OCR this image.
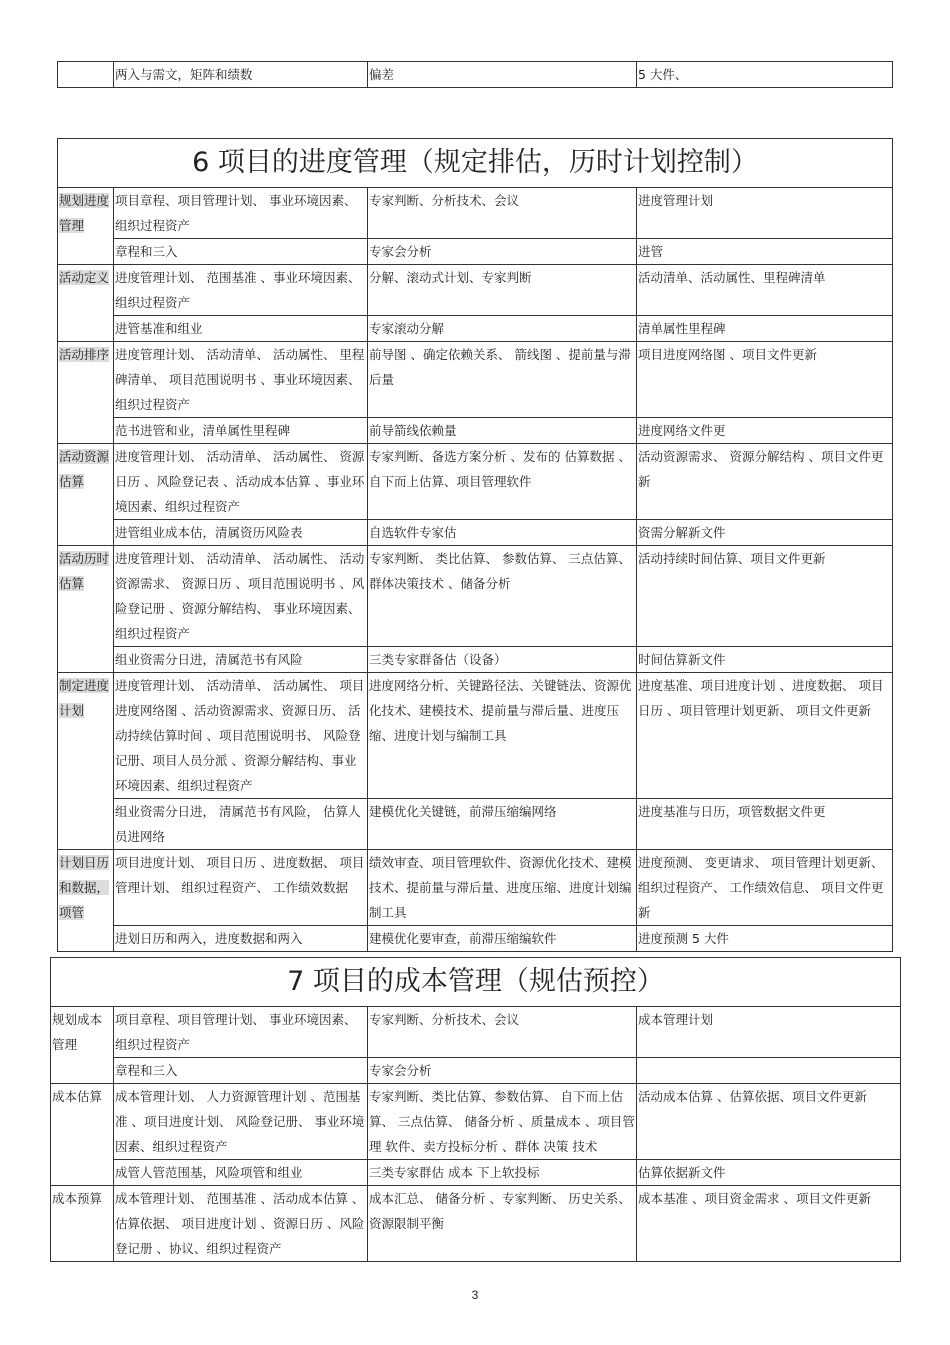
	两入与需文，矩阵和绩数	偏差	5 大件、
6 项目的进度管理（规定排估，历时计划控制）			
规划进度管理	项目章程、项目管理计划、 事业环境因素、组织过程资产	专家判断、分析技术、会议	进度管理计划
	章程和三入	专家会分析	进管
活动定义	进度管理计划、 范围基准 、事业环境因素、组织过程资产	分解、滚动式计划、专家判断	活动清单、活动属性、里程碑清单
	进管基准和组业	专家滚动分解	清单属性里程碑
活动排序	进度管理计划、 活动清单、 活动属性、 里程碑清单、 项目范围说明书 、事业环境因素、组织过程资产	前导图 、确定依赖关系、 箭线图 、提前量与滞后量	项目进度网络图 、项目文件更新
	范书进管和业，清单属性里程碑	前导箭线依赖量	进度网络文件更
活动资源估算	进度管理计划、 活动清单、 活动属性、 资源日历 、风险登记表 、活动成本估算 、事业环境因素、组织过程资产	专家判断、备选方案分析 、发布的 估算数据 、自下而上估算、项目管理软件	活动资源需求、 资源分解结构 、项目文件更新
	进管组业成本估，清属资历风险表	自选软件专家估	资需分解新文件
活动历时估算	进度管理计划、 活动清单、 活动属性、 活动资源需求、 资源日历 、项目范围说明书 、风险登记册 、资源分解结构、 事业环境因素、组织过程资产	专家判断、 类比估算、 参数估算、 三点估算、群体决策技术 、储备分析	活动持续时间估算、项目文件更新
	组业资需分日进，清属范书有风险	三类专家群备估（设备）	时间估算新文件
制定进度计划	进度管理计划、 活动清单、 活动属性、 项目进度网络图 、活动资源需求、资源日历、 活动持续估算时间 、项目范围说明书、 风险登记册、项目人员分派 、资源分解结构、事业环境因素、组织过程资产	进度网络分析、关键路径法、关键链法、资源优化技术、建模技术、提前量与滞后量、进度压缩、进度计划与编制工具	进度基准、项目进度计划 、进度数据、 项目日历 、项目管理计划更新、 项目文件更新
	组业资需分日进， 清属范书有风险， 估算人员进网络	建模优化关键链，前滞压缩编网络	进度基准与日历，项管数据文件更
计划日历和数据，项管	项目进度计划、 项目日历 、进度数据、 项目管理计划、 组织过程资产、 工作绩效数据	绩效审查、项目管理软件、资源优化技术、建模技术、提前量与滞后量、进度压缩、进度计划编制工具	进度预测、 变更请求、 项目管理计划更新、组织过程资产、 工作绩效信息、 项目文件更新
	进划日历和两入，进度数据和两入	建模优化要审查，前滞压缩编软件	进度预测 5 大件
7 项目的成本管理（规估预控）			
规划成本管理	项目章程、项目管理计划、 事业环境因素、组织过程资产	专家判断、分析技术、会议	成本管理计划
	章程和三入	专家会分析	
成本估算	成本管理计划、 人力资源管理计划 、范围基准 、项目进度计划、 风险登记册、 事业环境因素、组织过程资产	专家判断、类比估算、参数估算、 自下而上估算、 三点估算、 储备分析 、质量成本 、项目管理 软件、卖方投标分析 、群体 决策 技术	活动成本估算 、估算依据、项目文件更新
	成管人管范围基，风险项管和组业	三类专家群估 成本 下上软投标	估算依据新文件
成本预算	成本管理计划、 范围基准 、活动成本估算 、估算依据、 项目进度计划 、资源日历 、风险登记册 、协议、组织过程资产	成本汇总、 储备分析 、专家判断、 历史关系、资源限制平衡	成本基准 、项目资金需求 、项目文件更新
3
